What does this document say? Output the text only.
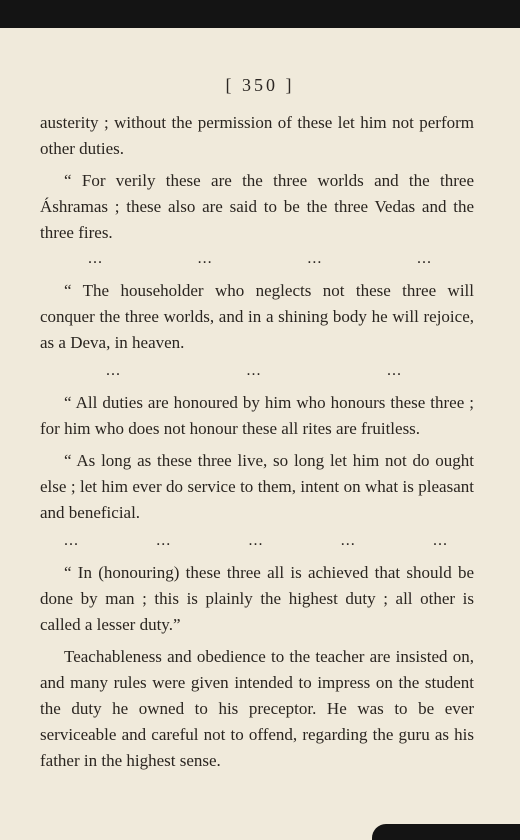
[ 350 ]

austerity ; without the permission of these let him not perform other duties.

“ For verily these are the three worlds and the three Áshramas ; these also are said to be the three Vedas and the three fires.

...	...	...	...

“ The householder who neglects not these three will conquer the three worlds, and in a shining body he will rejoice, as a Deva, in heaven.

...	...	...

“ All duties are honoured by him who honours these three ; for him who does not honour these all rites are fruitless.

“ As long as these three live, so long let him not do ought else ; let him ever do service to them, intent on what is pleasant and beneficial.

...	...	...	...	...

“ In (honouring) these three all is achieved that should be done by man ; this is plainly the highest duty ; all other is called a lesser duty.”

Teachableness and obedience to the teacher are insisted on, and many rules were given intended to impress on the student the duty he owned to his preceptor. He was to be ever serviceable and careful not to offend, regarding the guru as his father in the highest sense.
